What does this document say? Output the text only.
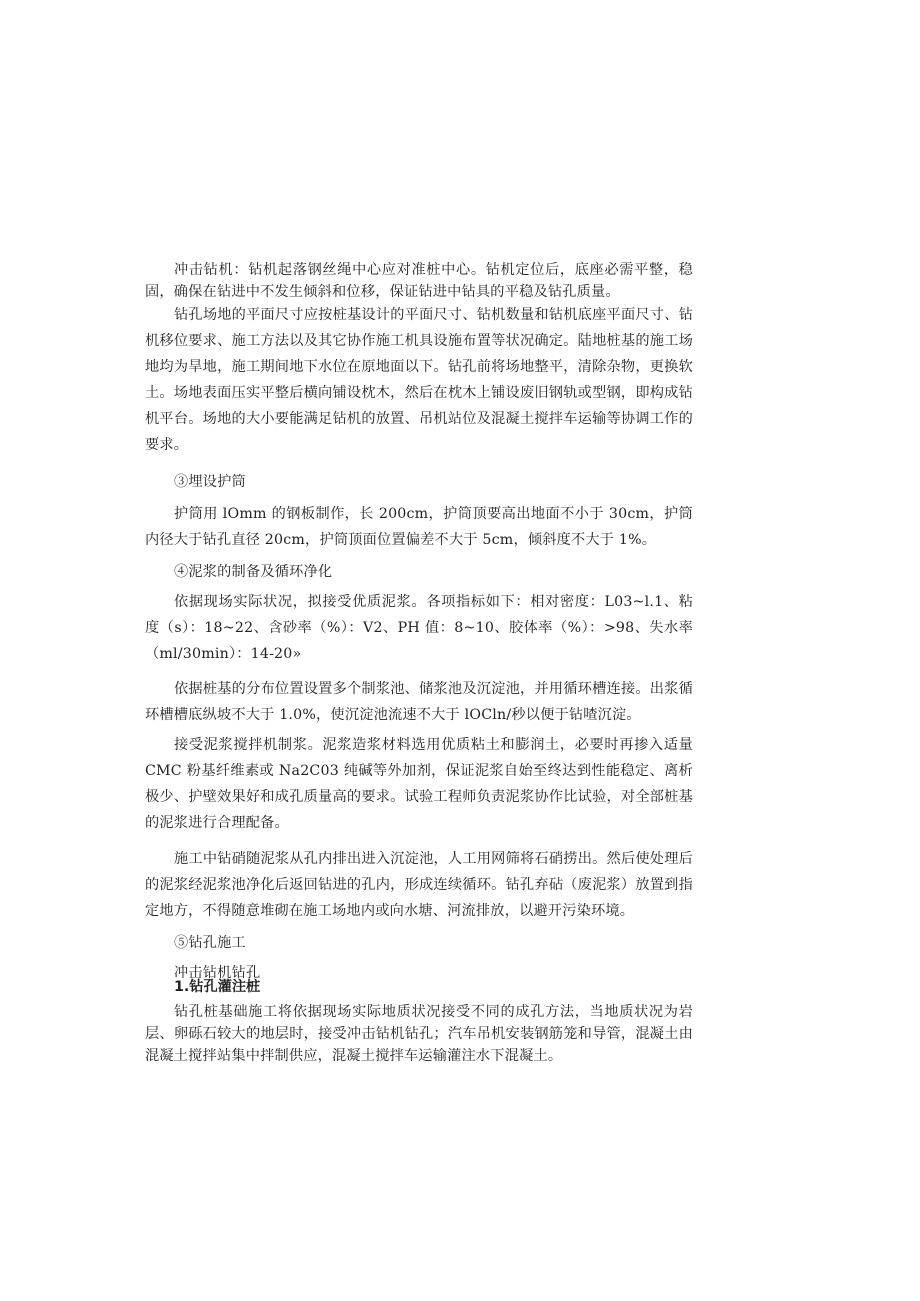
冲击钻机：钻机起落钢丝绳中心应对准桩中心。钻机定位后，底座必需平整，稳固，确保在钻进中不发生倾斜和位移，保证钻进中钻具的平稳及钻孔质量。

钻孔场地的平面尺寸应按桩基设计的平面尺寸、钻机数量和钻机底座平面尺寸、钻机移位要求、施工方法以及其它协作施工机具设施布置等状况确定。陆地桩基的施工场地均为旱地，施工期间地下水位在原地面以下。钻孔前将场地整平，清除杂物，更换软土。场地表面压实平整后横向铺设枕木，然后在枕木上铺设废旧钢轨或型钢，即构成钻机平台。场地的大小要能满足钻机的放置、吊机站位及混凝土搅拌车运输等协调工作的要求。

③埋设护筒

护筒用 lOmm 的钢板制作，长 200cm，护筒顶要高出地面不小于 30cm，护筒内径大于钻孔直径 20cm，护筒顶面位置偏差不大于 5cm，倾斜度不大于 1%。

④泥浆的制备及循环净化

依据现场实际状况，拟接受优质泥浆。各项指标如下：相对密度：L03~l.1、粘度（s）：18~22、含砂率（%）：V2、PH 值：8~10、胶体率（%）：>98、失水率（ml/30min）：14-20»

依据桩基的分布位置设置多个制浆池、储浆池及沉淀池，并用循环槽连接。出浆循环槽槽底纵坡不大于 1.0%，使沉淀池流速不大于 lOCln/秒以便于钻喳沉淀。

接受泥浆搅拌机制浆。泥浆造浆材料选用优质粘土和膨润土，必要时再掺入适量 CMC 粉基纤维素或 Na2C03 纯碱等外加剂，保证泥浆自始至终达到性能稳定、离析极少、护壁效果好和成孔质量高的要求。试验工程师负责泥浆协作比试验，对全部桩基的泥浆进行合理配备。

施工中钻硝随泥浆从孔内排出进入沉淀池，人工用网筛将石硝捞出。然后使处理后的泥浆经泥浆池净化后返回钻进的孔内，形成连续循环。钻孔弃砧（废泥浆）放置到指定地方，不得随意堆砌在施工场地内或向水塘、河流排放，以避开污染环境。

⑤钻孔施工

冲击钻机钻孔

1.钻孔灌注桩

钻孔桩基础施工将依据现场实际地质状况接受不同的成孔方法，当地质状况为岩层、卵砾石较大的地层时，接受冲击钻机钻孔；汽车吊机安装钢筋笼和导管，混凝土由混凝土搅拌站集中拌制供应，混凝土搅拌车运输灌注水下混凝土。
